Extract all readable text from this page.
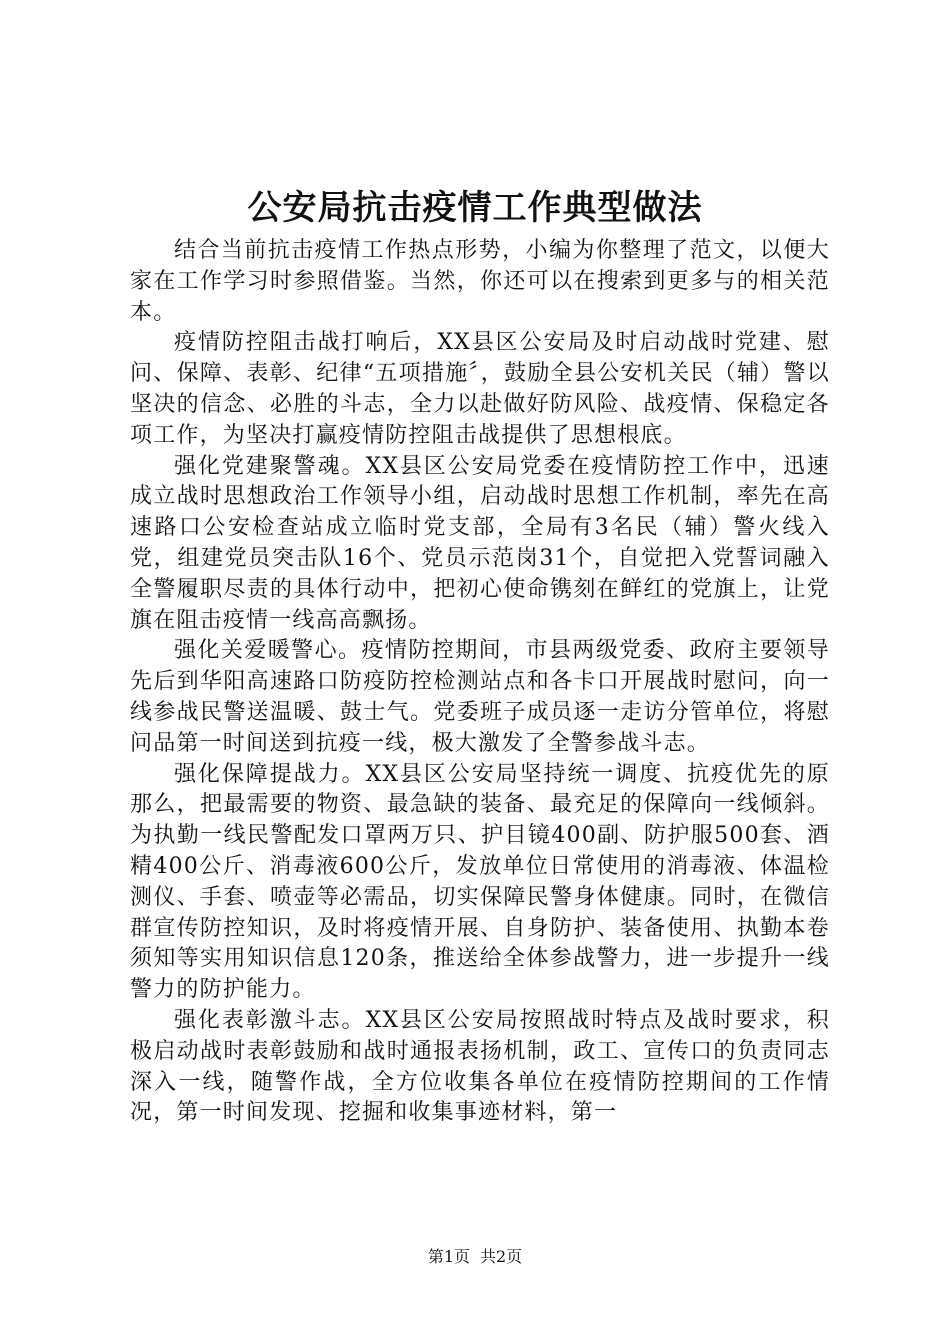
公安局抗击疫情工作典型做法

结合当前抗击疫情工作热点形势，小编为你整理了范文，以便大家在工作学习时参照借鉴。当然，你还可以在搜索到更多与的相关范本。

疫情防控阻击战打响后，XX县区公安局及时启动战时党建、慰问、保障、表彰、纪律“五项措施〞，鼓励全县公安机关民（辅）警以坚决的信念、必胜的斗志，全力以赴做好防风险、战疫情、保稳定各项工作，为坚决打赢疫情防控阻击战提供了思想根底。

强化党建聚警魂。XX县区公安局党委在疫情防控工作中，迅速成立战时思想政治工作领导小组，启动战时思想工作机制，率先在高速路口公安检查站成立临时党支部，全局有3名民（辅）警火线入党，组建党员突击队16个、党员示范岗31个，自觉把入党誓词融入全警履职尽责的具体行动中，把初心使命镌刻在鲜红的党旗上，让党旗在阻击疫情一线高高飘扬。

强化关爱暖警心。疫情防控期间，市县两级党委、政府主要领导先后到华阳高速路口防疫防控检测站点和各卡口开展战时慰问，向一线参战民警送温暖、鼓士气。党委班子成员逐一走访分管单位，将慰问品第一时间送到抗疫一线，极大激发了全警参战斗志。

强化保障提战力。XX县区公安局坚持统一调度、抗疫优先的原那么，把最需要的物资、最急缺的装备、最充足的保障向一线倾斜。为执勤一线民警配发口罩两万只、护目镜400副、防护服500套、酒精400公斤、消毒液600公斤，发放单位日常使用的消毒液、体温检测仪、手套、喷壶等必需品，切实保障民警身体健康。同时，在微信群宣传防控知识，及时将疫情开展、自身防护、装备使用、执勤本卷须知等实用知识信息120条，推送给全体参战警力，进一步提升一线警力的防护能力。

强化表彰激斗志。XX县区公安局按照战时特点及战时要求，积极启动战时表彰鼓励和战时通报表扬机制，政工、宣传口的负责同志深入一线，随警作战，全方位收集各单位在疫情防控期间的工作情况，第一时间发现、挖掘和收集事迹材料，第一

第1页 共2页
